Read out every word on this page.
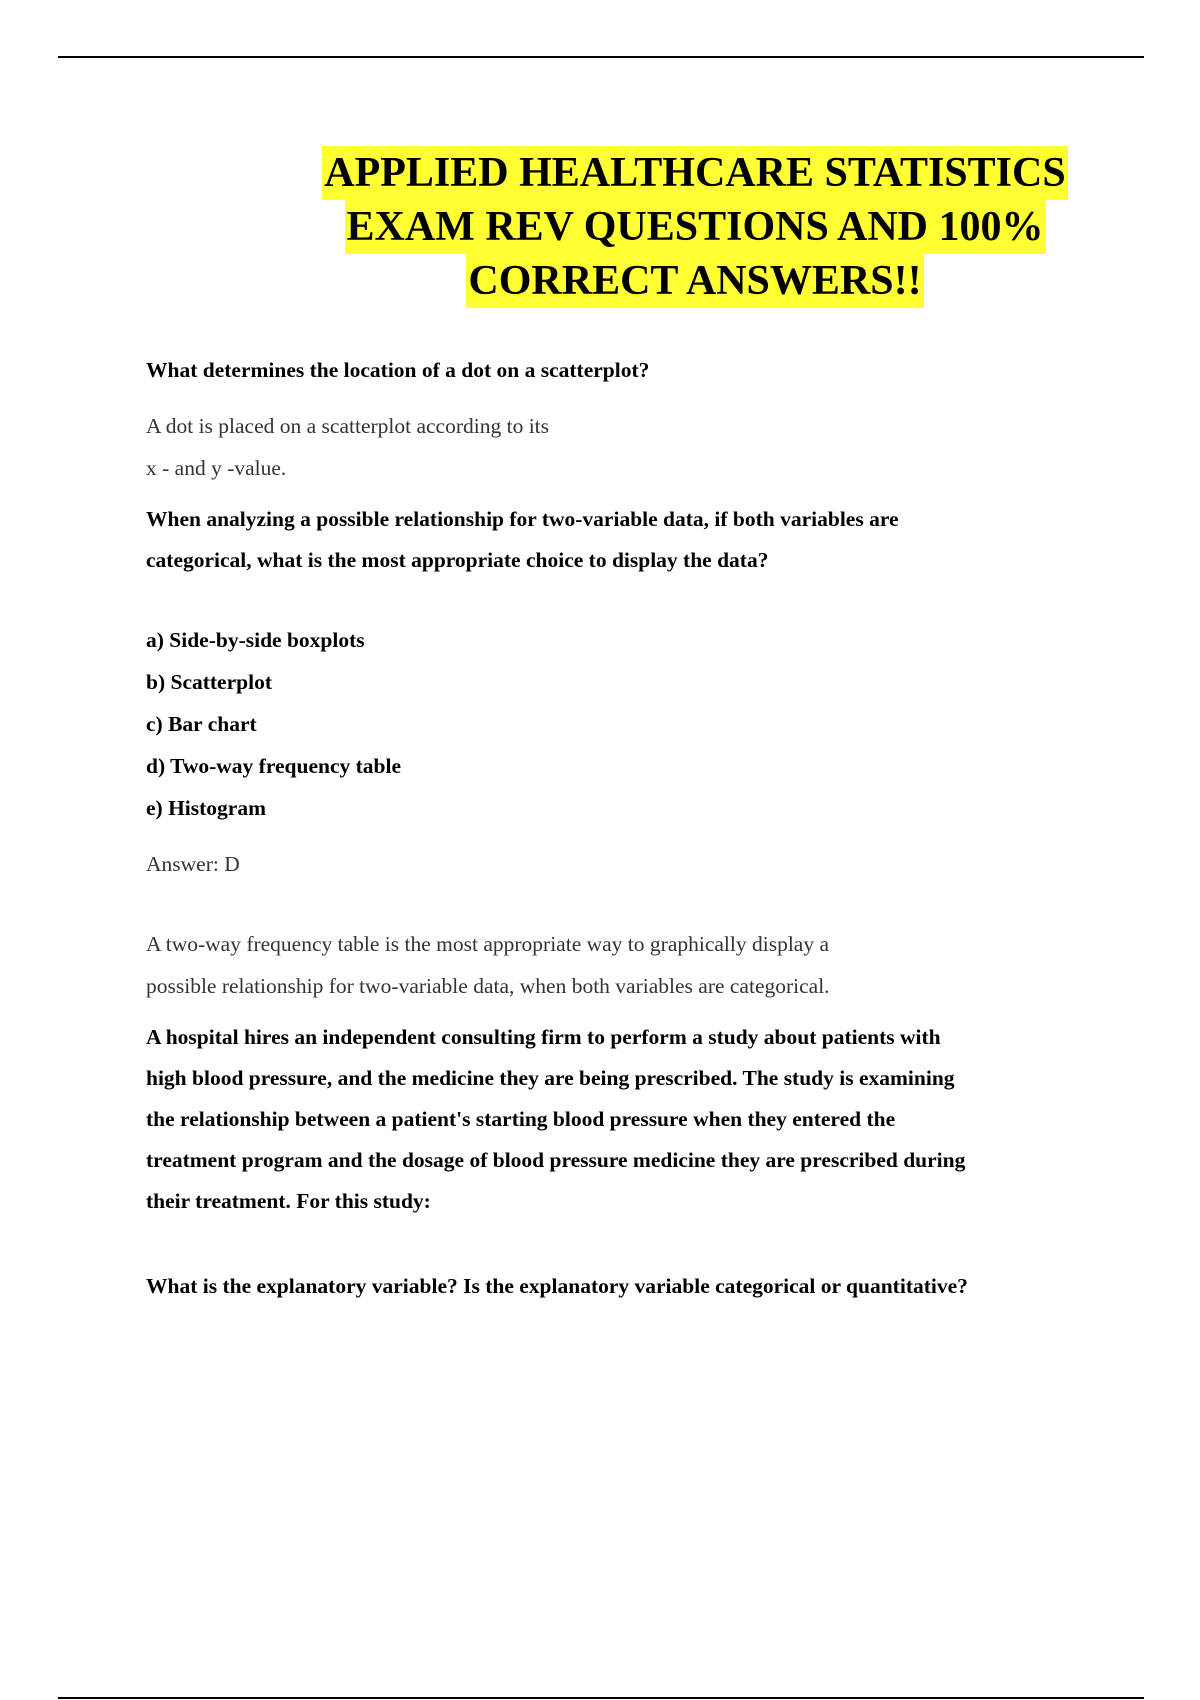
APPLIED HEALTHCARE STATISTICS
EXAM REV QUESTIONS AND 100%
CORRECT ANSWERS!!

What determines the location of a dot on a scatterplot?

A dot is placed on a scatterplot according to its

x - and y -value.

When analyzing a possible relationship for two-variable data, if both variables are

categorical, what is the most appropriate choice to display the data?

a) Side-by-side boxplots

b) Scatterplot

c) Bar chart

d) Two-way frequency table

e) Histogram

Answer: D

A two-way frequency table is the most appropriate way to graphically display a

possible relationship for two-variable data, when both variables are categorical.

A hospital hires an independent consulting firm to perform a study about patients with

high blood pressure, and the medicine they are being prescribed. The study is examining

the relationship between a patient's starting blood pressure when they entered the

treatment program and the dosage of blood pressure medicine they are prescribed during

their treatment. For this study:

What is the explanatory variable? Is the explanatory variable categorical or quantitative?
